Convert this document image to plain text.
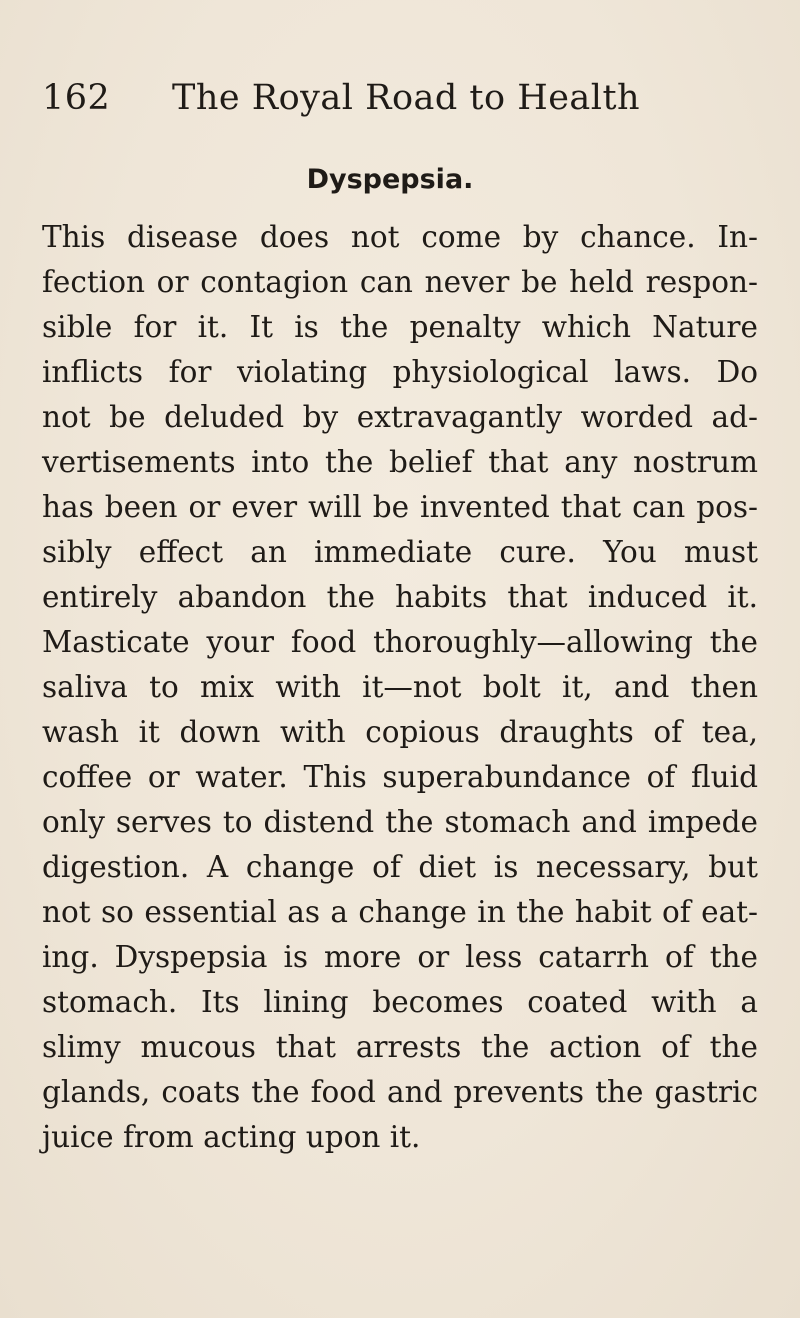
162 The Royal Road to Health
Dyspepsia.
This disease does not come by chance. In-
fection or contagion can never be held respon-
sible for it. It is the penalty which Nature
inflicts for violating physiological laws. Do
not be deluded by extravagantly worded ad-
vertisements into the belief that any nostrum
has been or ever will be invented that can pos-
sibly effect an immediate cure. You must
entirely abandon the habits that induced it.
Masticate your food thoroughly—allowing the
saliva to mix with it—not bolt it, and then
wash it down with copious draughts of tea,
coffee or water. This superabundance of fluid
only serves to distend the stomach and impede
digestion. A change of diet is necessary, but
not so essential as a change in the habit of eat-
ing. Dyspepsia is more or less catarrh of the
stomach. Its lining becomes coated with a
slimy mucous that arrests the action of the
glands, coats the food and prevents the gastric
juice from acting upon it.
